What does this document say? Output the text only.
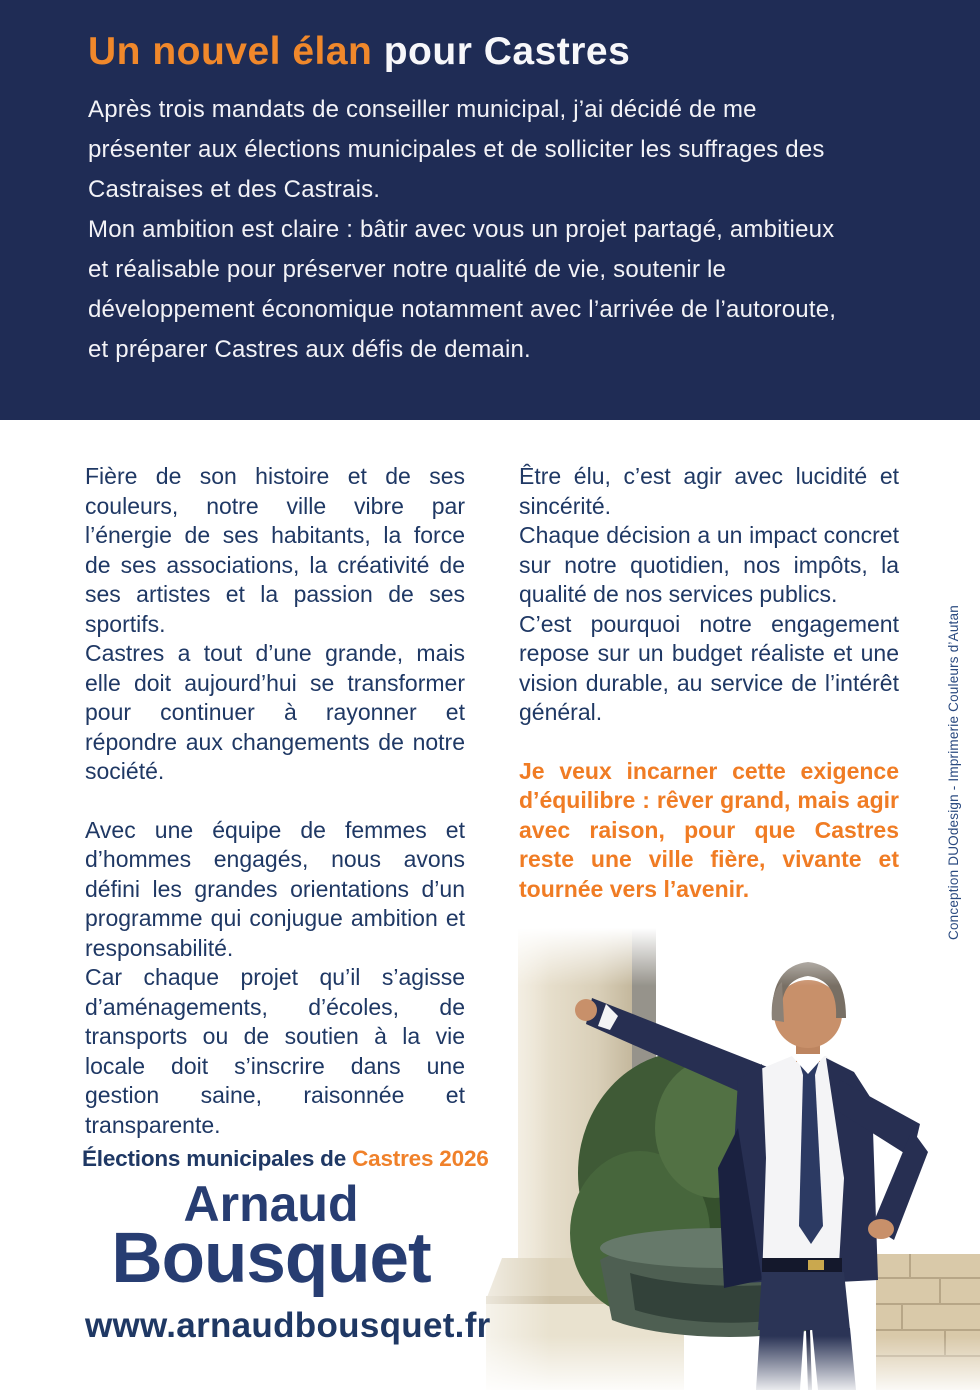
Un nouvel élan pour Castres
Après trois mandats de conseiller municipal, j’ai décidé de me
présenter aux élections municipales et de solliciter les suffrages des
Castraises et des Castrais.
Mon ambition est claire : bâtir avec vous un projet partagé, ambitieux
et réalisable pour préserver notre qualité de vie, soutenir le
développement économique notamment avec l’arrivée de l’autoroute,
et préparer Castres aux défis de demain.

Fière de son histoire et de ses couleurs, notre ville vibre par l’énergie de ses habitants, la force de ses associations, la créativité de ses artistes et la passion de ses sportifs.

Castres a tout d’une grande, mais elle doit aujourd’hui se transformer pour continuer à rayonner et répondre aux changements de notre société.

Avec une équipe de femmes et d’hommes engagés, nous avons défini les grandes orientations d’un programme qui conjugue ambition et responsabilité.

Car chaque projet qu’il s’agisse d’aménagements, d’écoles, de transports ou de soutien à la vie locale doit s’inscrire dans une gestion saine, raisonnée et transparente.

Être élu, c’est agir avec lucidité et sincérité.

Chaque décision a un impact concret sur notre quotidien, nos impôts, la qualité de nos services publics.

C’est pourquoi notre engagement repose sur un budget réaliste et une vision durable, au service de l’intérêt général.

Je veux incarner cette exigence d’équilibre : rêver grand, mais agir avec raison, pour que Castres reste une ville fière, vivante et tournée vers l’avenir.

Élections municipales de Castres 2026
Arnaud
Bousquet
www.arnaudbousquet.fr
Conception DUOdesign - Imprimerie Couleurs d’Autan
